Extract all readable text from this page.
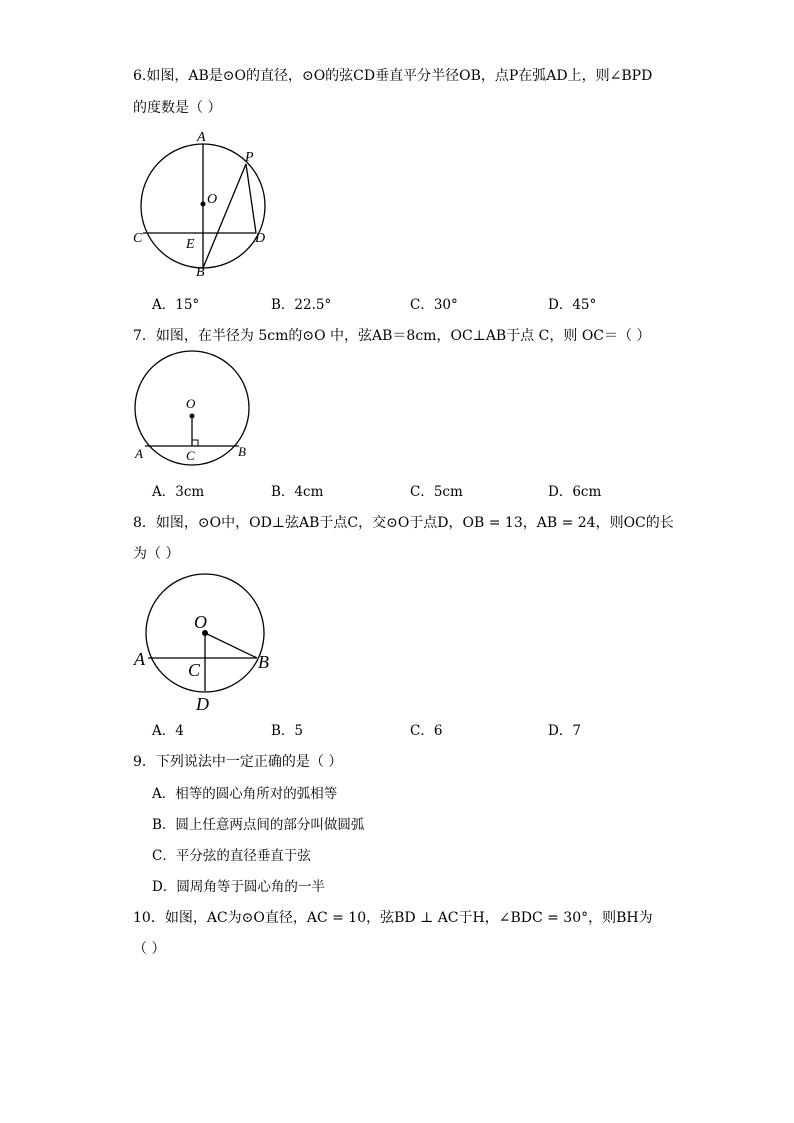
6.如图，AB是⊙O的直径，⊙O的弦CD垂直平分半径OB，点P在弧AD上，则∠BPD
的度数是（ ）
A
P
O
C	E	D
B
A．15°	B．22.5°	C．30°	D．45°
7．如图，在半径为 5cm的⊙O 中，弦AB＝8cm，OC⊥AB于点 C，则 OC＝（ ）
O
A	C	B
A．3cm	B．4cm	C．5cm	D．6cm
8．如图，⊙O中，OD⊥弦AB于点C，交⊙O于点D，OB = 13，AB = 24，则OC的长
为（ ）
O
A
C	B
D
A．4	B．5	C．6	D．7
9．下列说法中一定正确的是（ ）
A．相等的圆心角所对的弧相等
B．圆上任意两点间的部分叫做圆弧
C．平分弦的直径垂直于弦
D．圆周角等于圆心角的一半
10．如图，AC为⊙O直径，AC = 10，弦BD ⊥ AC于H，∠BDC = 30°，则BH为
（ ）
